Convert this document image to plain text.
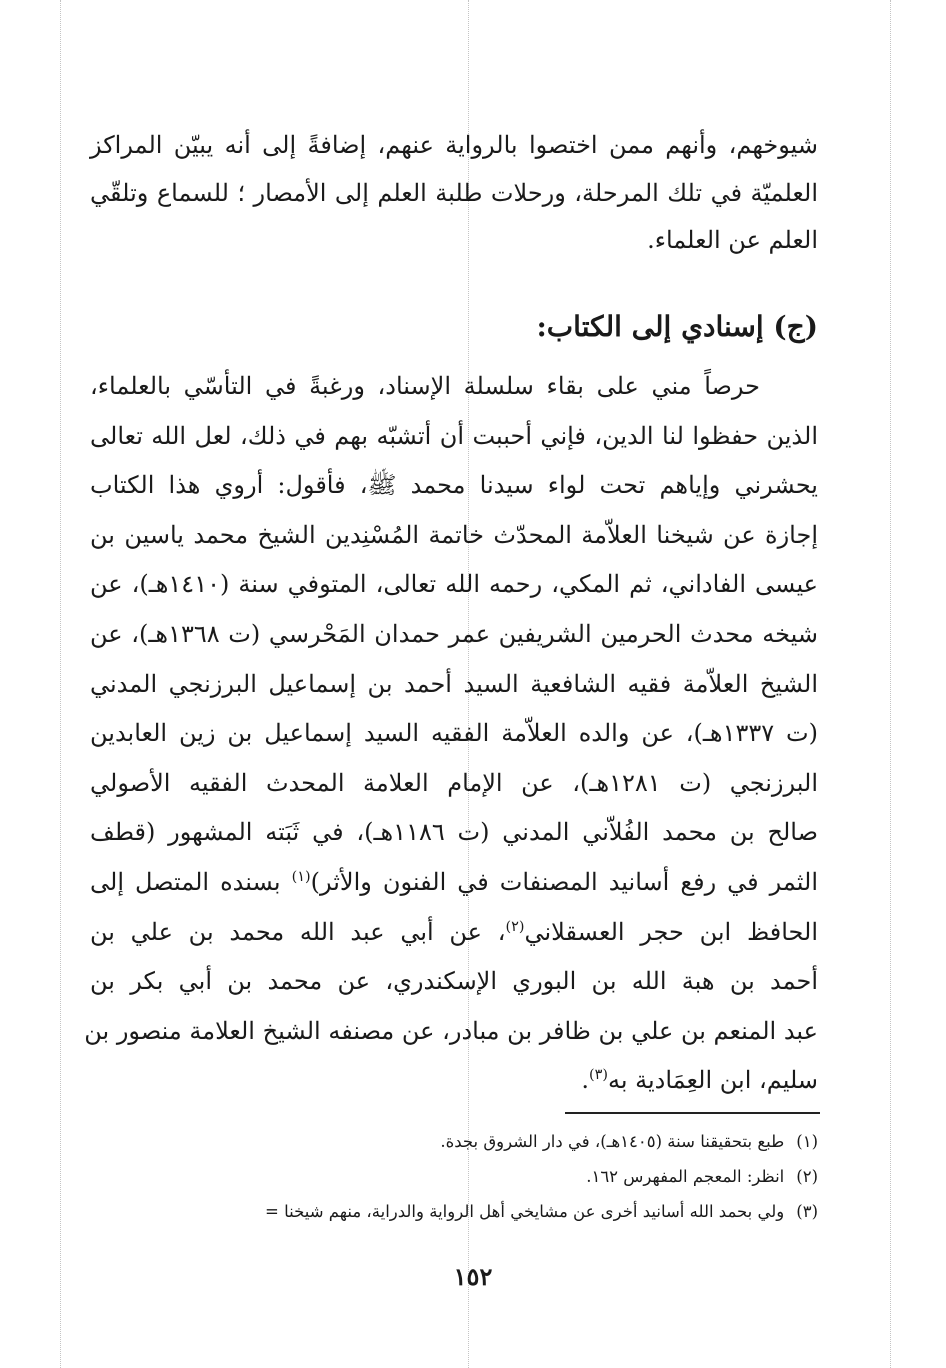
شيوخهم، وأنهم ممن اختصوا بالرواية عنهم، إضافةً إلى أنه يبيّن المراكز
العلميّة في تلك المرحلة، ورحلات طلبة العلم إلى الأمصار ؛ للسماع وتلقّي
العلم عن العلماء.
(ج) إسنادي إلى الكتاب:
حرصاً مني على بقاء سلسلة الإسناد، ورغبةً في التأسّي بالعلماء،
الذين حفظوا لنا الدين، فإني أحببت أن أتشبّه بهم في ذلك، لعل الله تعالى
يحشرني وإياهم تحت لواء سيدنا محمد ﷺ، فأقول: أروي هذا الكتاب
إجازة عن شيخنا العلاّمة المحدّث خاتمة المُسْنِدين الشيخ محمد ياسين بن
عيسى الفاداني، ثم المكي، رحمه الله تعالى، المتوفي سنة (١٤١٠هـ)، عن
شيخه محدث الحرمين الشريفين عمر حمدان المَحْرسي (ت ١٣٦٨هـ)، عن
الشيخ العلاّمة فقيه الشافعية السيد أحمد بن إسماعيل البرزنجي المدني
(ت ١٣٣٧هـ)، عن والده العلاّمة الفقيه السيد إسماعيل بن زين العابدين
البرزنجي (ت ١٢٨١هـ)، عن الإمام العلامة المحدث الفقيه الأصولي
صالح بن محمد الفُلاّني المدني (ت ١١٨٦هـ)، في ثَبَته المشهور (قطف
الثمر في رفع أسانيد المصنفات في الفنون والأثر)$^{(١)}$ بسنده المتصل إلى
الحافظ ابن حجر العسقلاني$^{(٢)}$، عن أبي عبد الله محمد بن علي بن
أحمد بن هبة الله بن البوري الإسكندري، عن محمد بن أبي بكر بن
عبد المنعم بن علي بن ظافر بن مبادر، عن مصنفه الشيخ العلامة منصور بن
سليم، ابن العِمَادية به$^{(٣)}$.
(١)طبع بتحقيقنا سنة (١٤٠٥هـ)، في دار الشروق بجدة.
(٢)انظر: المعجم المفهرس ١٦٢.
(٣)ولي بحمد الله أسانيد أخرى عن مشايخي أهل الرواية والدراية، منهم شيخنا =
١٥٢
